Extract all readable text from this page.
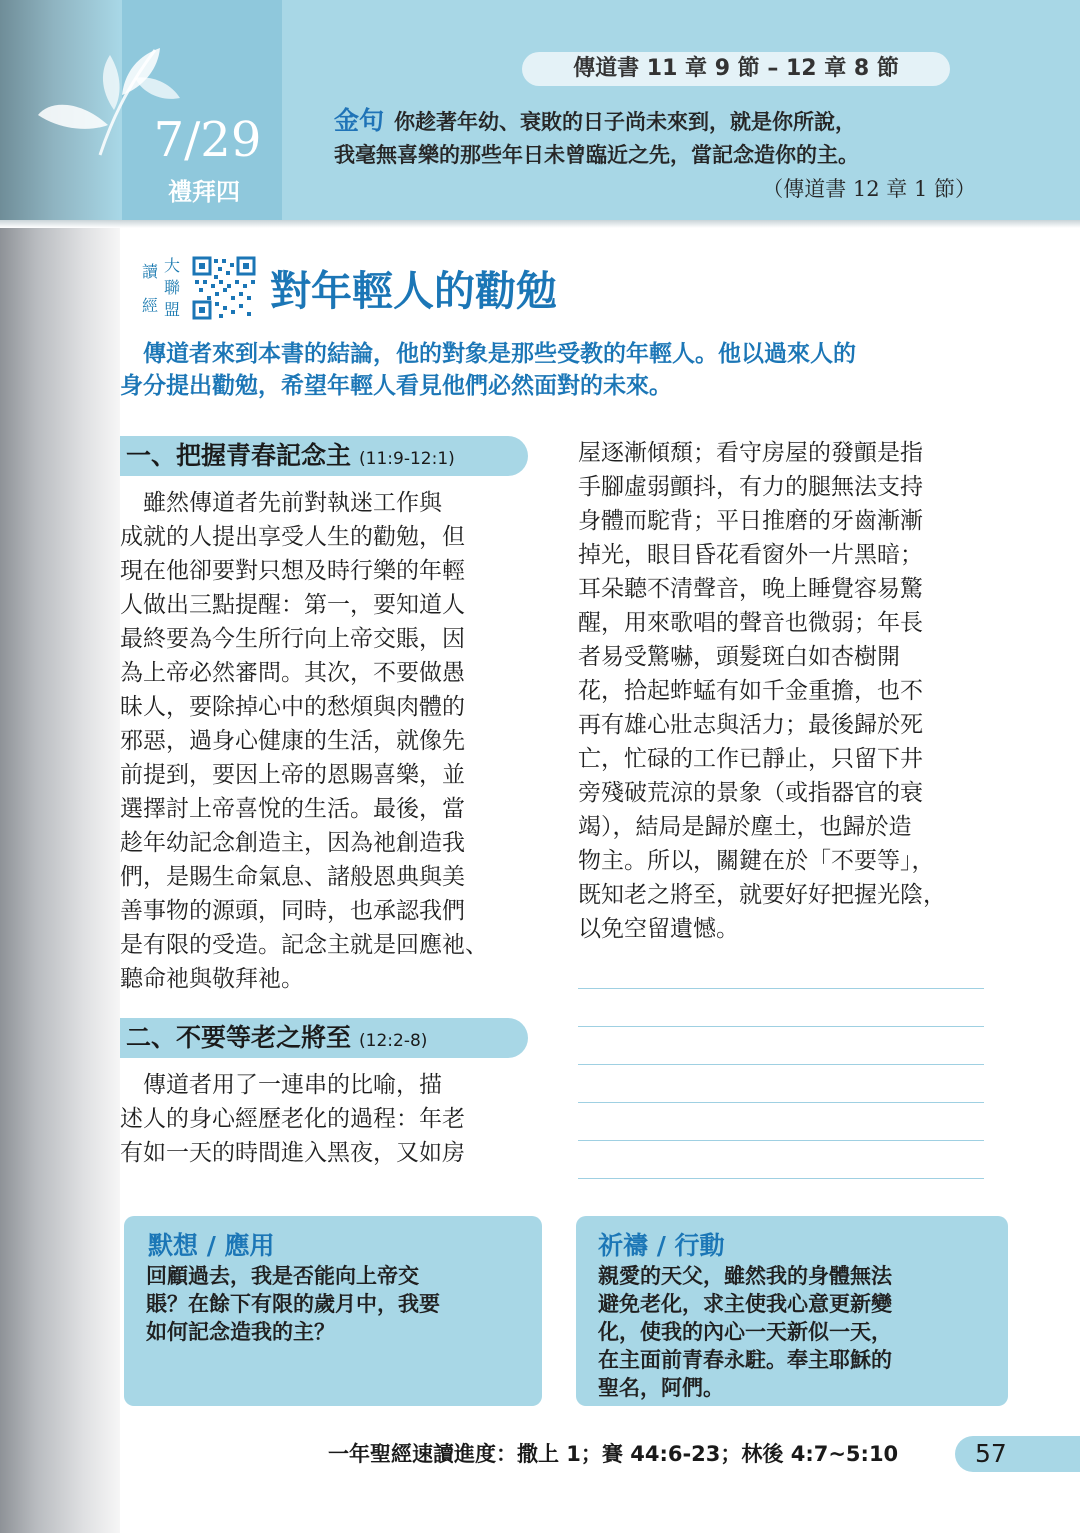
7/29
禮拜四
傳道書 11 章 9 節 – 12 章 8 節
金句 你趁著年幼、衰敗的日子尚未來到，就是你所說，
我毫無喜樂的那些年日未曾臨近之先，當記念造你的主。
（傳道書 12 章 1 節）
讀 大
聯
經 盟 對年輕人的勸勉
　傳道者來到本書的結論，他的對象是那些受教的年輕人。他以過來人的
身分提出勸勉，希望年輕人看見他們必然面對的未來。
一、把握青春記念主 (11:9-12:1)
　雖然傳道者先前對執迷工作與
成就的人提出享受人生的勸勉，但
現在他卻要對只想及時行樂的年輕
人做出三點提醒：第一，要知道人
最終要為今生所行向上帝交賬，因
為上帝必然審問。其次，不要做愚
昧人，要除掉心中的愁煩與肉體的
邪惡，過身心健康的生活，就像先
前提到，要因上帝的恩賜喜樂，並
選擇討上帝喜悅的生活。最後，當
趁年幼記念創造主，因為祂創造我
們，是賜生命氣息、諸般恩典與美
善事物的源頭，同時，也承認我們
是有限的受造。記念主就是回應祂、
聽命祂與敬拜祂。
二、不要等老之將至 (12:2-8)
　傳道者用了一連串的比喻，描
述人的身心經歷老化的過程：年老
有如一天的時間進入黑夜，又如房
屋逐漸傾頹；看守房屋的發顫是指
手腳虛弱顫抖，有力的腿無法支持
身體而駝背；平日推磨的牙齒漸漸
掉光，眼目昏花看窗外一片黑暗；
耳朵聽不清聲音，晚上睡覺容易驚
醒，用來歌唱的聲音也微弱；年長
者易受驚嚇，頭髮斑白如杏樹開
花，拾起蚱蜢有如千金重擔，也不
再有雄心壯志與活力；最後歸於死
亡，忙碌的工作已靜止，只留下井
旁殘破荒涼的景象（或指器官的衰
竭），結局是歸於塵土，也歸於造
物主。所以，關鍵在於「不要等」，
既知老之將至，就要好好把握光陰，
以免空留遺憾。
默想 / 應用
回顧過去，我是否能向上帝交
賬？在餘下有限的歲月中，我要
如何記念造我的主？
祈禱 / 行動
親愛的天父，雖然我的身體無法
避免老化，求主使我心意更新變
化，使我的內心一天新似一天，
在主面前青春永駐。奉主耶穌的
聖名，阿們。
一年聖經速讀進度：撒上 1；賽 44:6-23；林後 4:7~5:10	57
